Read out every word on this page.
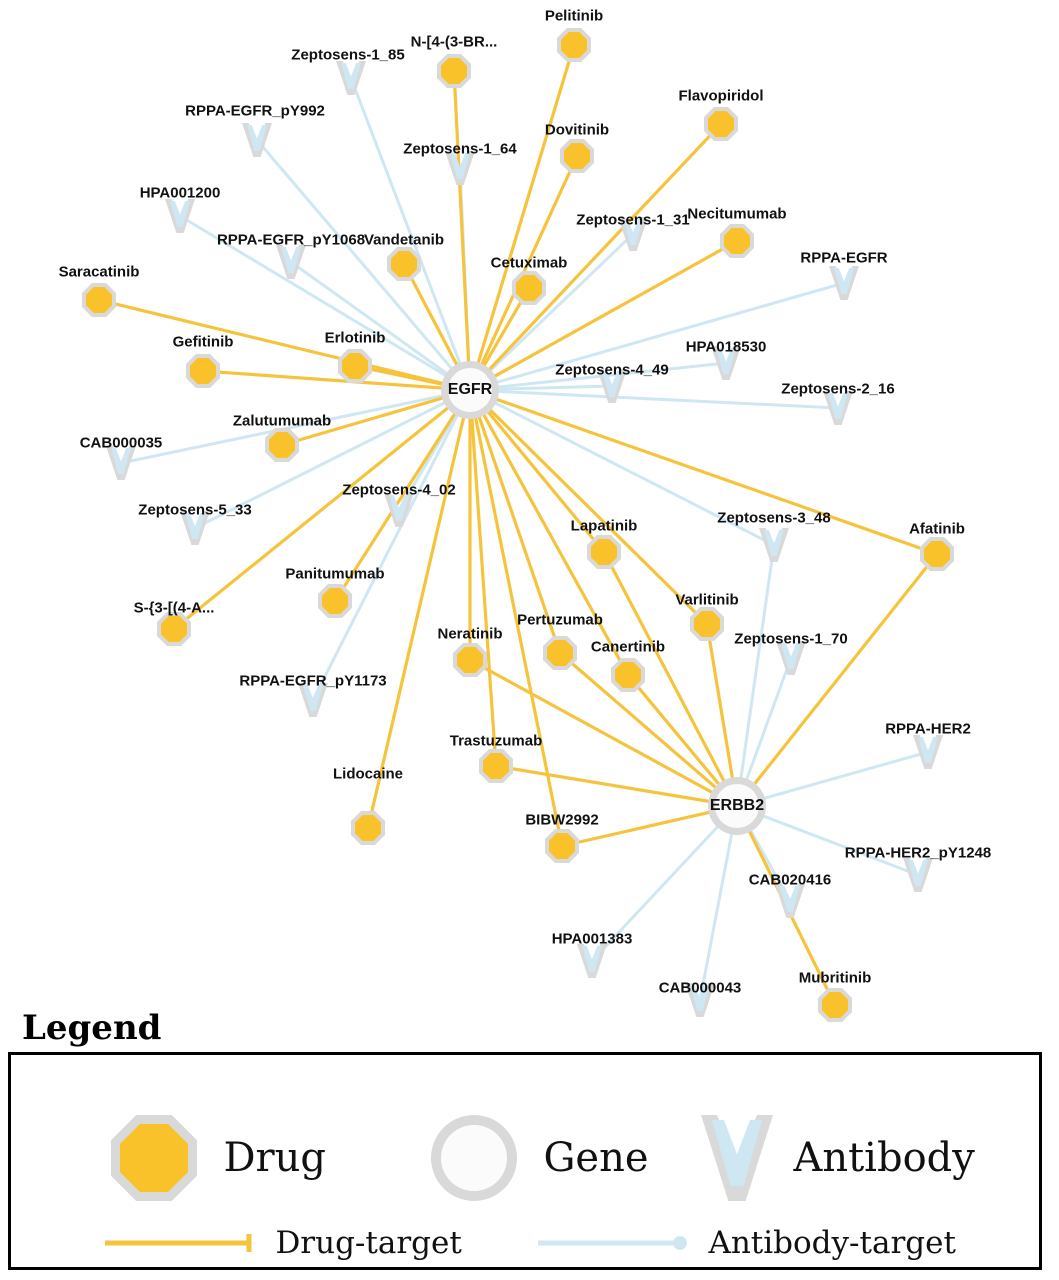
Zeptosens-1_85
RPPA-EGFR_pY992
Zeptosens-1_64
HPA001200
Zeptosens-1_31
RPPA-EGFR_pY1068
RPPA-EGFR
HPA018530
Zeptosens-4_49
Zeptosens-2_16
CAB000035
Zeptosens-5_33
Zeptosens-4_02
Zeptosens-3_48
Zeptosens-1_70
RPPA-EGFR_pY1173
RPPA-HER2
RPPA-HER2_pY1248
CAB020416
HPA001383
CAB000043
Pelitinib
N-[4-(3-BR...
Flavopiridol
Dovitinib
Necitumumab
Vandetanib
Cetuximab
Saracatinib
Erlotinib
Gefitinib
Zalutumumab
Afatinib
Lapatinib
Varlitinib
Panitumumab
S-{3-[(4-A...
Pertuzumab
Neratinib
Canertinib
Trastuzumab
Lidocaine
BIBW2992
Mubritinib
EGFR
ERBB2
Legend
Drug	Gene	Antibody
Drug-target	Antibody-target
